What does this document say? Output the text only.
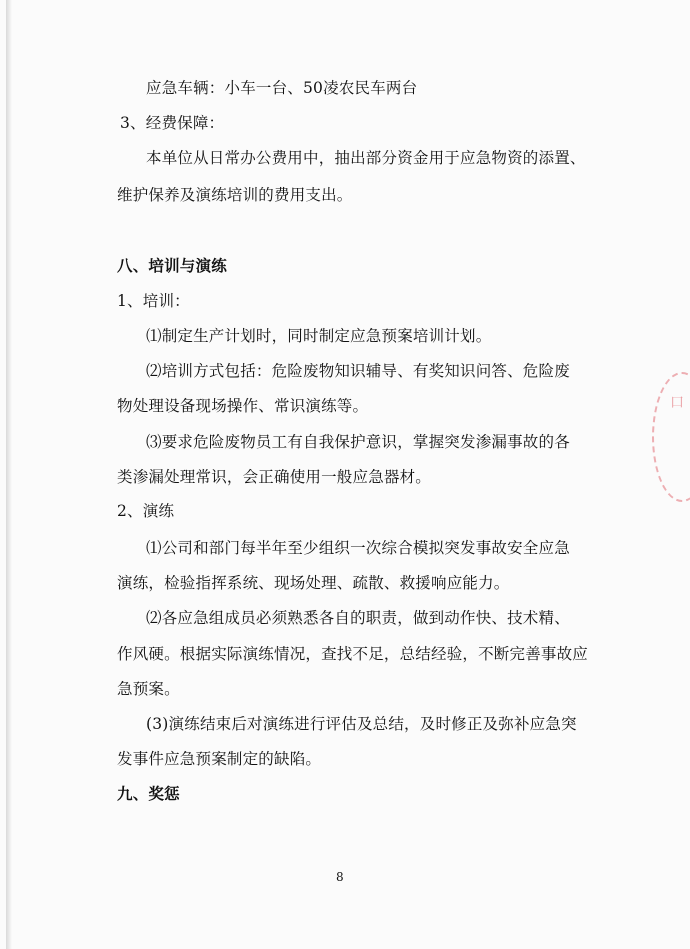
应急车辆：小车一台、50凌农民车两台
3、经费保障：
本单位从日常办公费用中，抽出部分资金用于应急物资的添置、
维护保养及演练培训的费用支出。
八、培训与演练
1、培训：
⑴制定生产计划时，同时制定应急预案培训计划。
⑵培训方式包括：危险废物知识辅导、有奖知识问答、危险废
物处理设备现场操作、常识演练等。
⑶要求危险废物员工有自我保护意识，掌握突发渗漏事故的各
类渗漏处理常识，会正确使用一般应急器材。
2、演练
⑴公司和部门每半年至少组织一次综合模拟突发事故安全应急
演练，检验指挥系统、现场处理、疏散、救援响应能力。
⑵各应急组成员必须熟悉各自的职责，做到动作快、技术精、
作风硬。根据实际演练情况，查找不足，总结经验，不断完善事故应
急预案。
(3)演练结束后对演练进行评估及总结，及时修正及弥补应急突
发事件应急预案制定的缺陷。
九、奖惩
8
口
